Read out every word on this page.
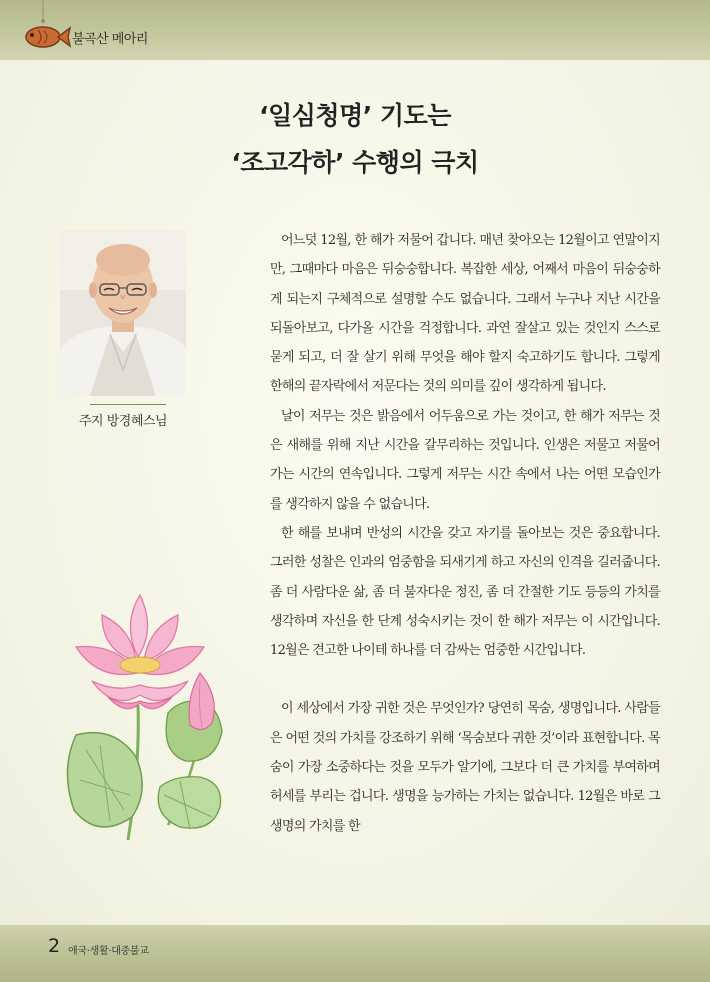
불곡산 메아리
‘일심청명’ 기도는
‘조고각하’ 수행의 극치
주지 방경혜스님

어느덧 12월, 한 해가 저물어 갑니다. 매년 찾아오는 12월이고 연말이지만, 그때마다 마음은 뒤숭숭합니다. 복잡한 세상, 어째서 마음이 뒤숭숭하게 되는지 구체적으로 설명할 수도 없습니다. 그래서 누구나 지난 시간을 되돌아보고, 다가올 시간을 걱정합니다. 과연 잘살고 있는 것인지 스스로 묻게 되고, 더 잘 살기 위해 무엇을 해야 할지 숙고하기도 합니다. 그렇게 한해의 끝자락에서 저문다는 것의 의미를 깊이 생각하게 됩니다.

날이 저무는 것은 밝음에서 어두움으로 가는 것이고, 한 해가 저무는 것은 새해를 위해 지난 시간을 갈무리하는 것입니다. 인생은 저물고 저물어 가는 시간의 연속입니다. 그렇게 저무는 시간 속에서 나는 어떤 모습인가를 생각하지 않을 수 없습니다.

한 해를 보내며 반성의 시간을 갖고 자기를 돌아보는 것은 중요합니다. 그러한 성찰은 인과의 엄중함을 되새기게 하고 자신의 인격을 길러줍니다. 좀 더 사람다운 삶, 좀 더 불자다운 정진, 좀 더 간절한 기도 등등의 가치를 생각하며 자신을 한 단계 성숙시키는 것이 한 해가 저무는 이 시간입니다. 12월은 견고한 나이테 하나를 더 감싸는 엄중한 시간입니다.

이 세상에서 가장 귀한 것은 무엇인가? 당연히 목숨, 생명입니다. 사람들은 어떤 것의 가치를 강조하기 위해 ‘목숨보다 귀한 것’이라 표현합니다. 목숨이 가장 소중하다는 것을 모두가 알기에, 그보다 더 큰 가치를 부여하며 허세를 부리는 겁니다. 생명을 능가하는 가치는 없습니다. 12월은 바로 그 생명의 가치를 한

2 애국·생활·대중불교
